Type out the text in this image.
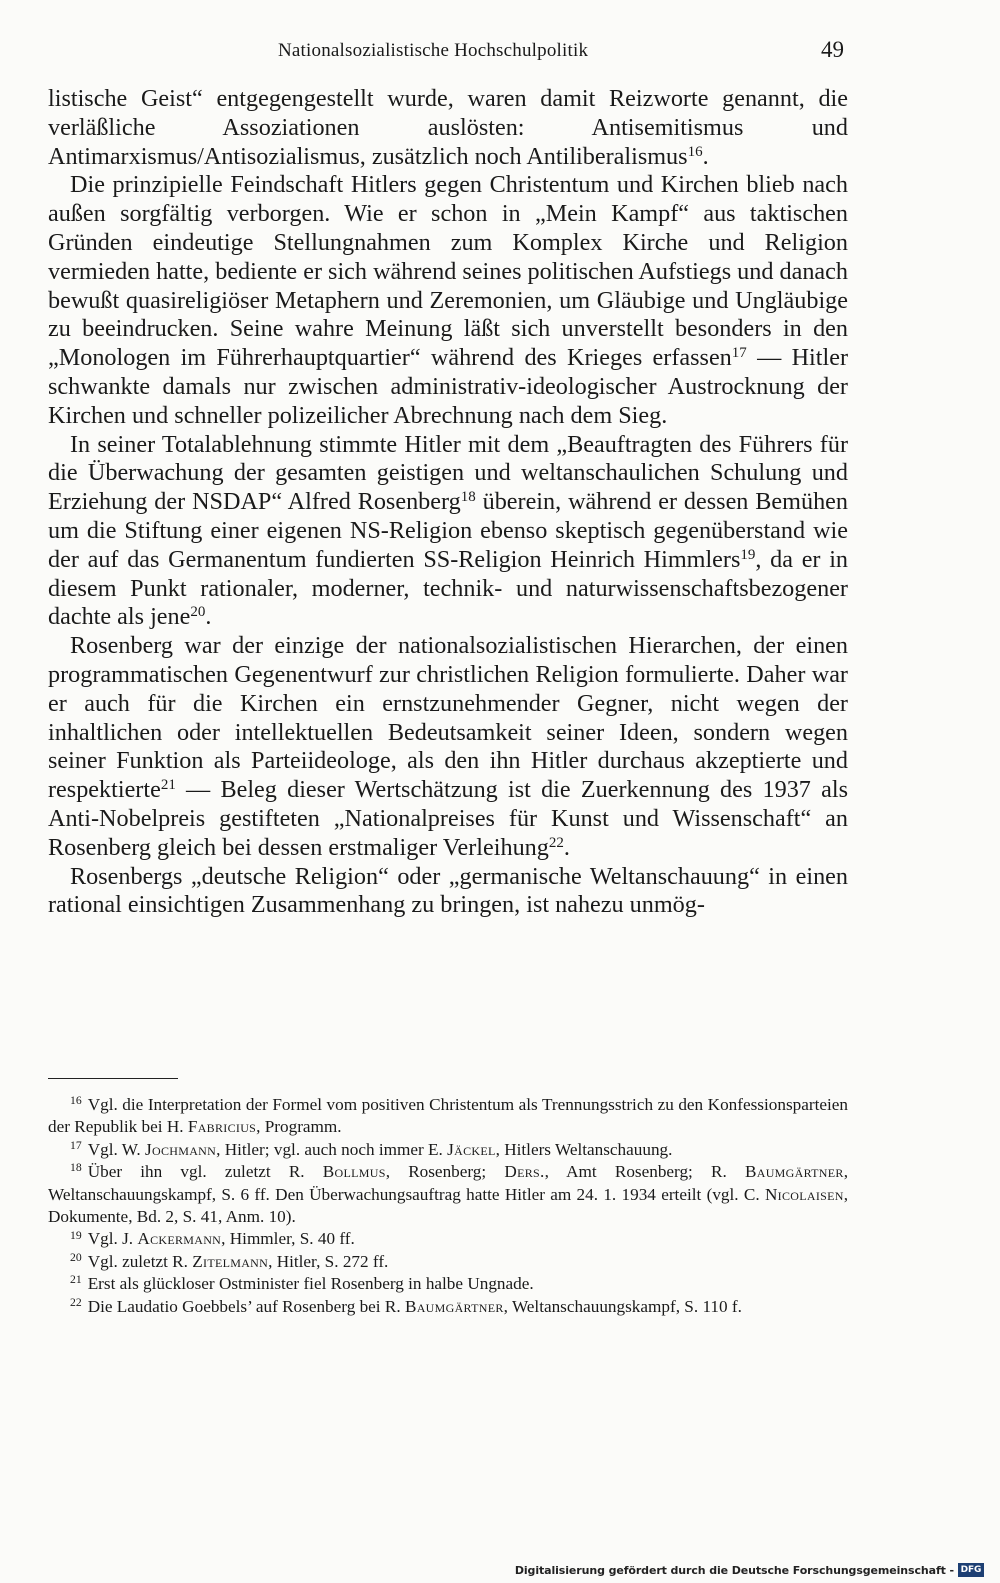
Nationalsozialistische Hochschulpolitik	49

listische Geist“ entgegengestellt wurde, waren damit Reizworte genannt, die verläßliche Assoziationen auslösten: Antisemitismus und Antimarxismus/Antisozialismus, zusätzlich noch Antiliberalismus$^{16}$.

Die prinzipielle Feindschaft Hitlers gegen Christentum und Kirchen blieb nach außen sorgfältig verborgen. Wie er schon in „Mein Kampf“ aus taktischen Gründen eindeutige Stellungnahmen zum Komplex Kirche und Religion vermieden hatte, bediente er sich während seines politischen Aufstiegs und danach bewußt quasireligiöser Metaphern und Zeremonien, um Gläubige und Ungläubige zu beeindrucken. Seine wahre Meinung läßt sich unverstellt besonders in den „Monologen im Führerhauptquartier“ während des Krieges erfassen$^{17}$ — Hitler schwankte damals nur zwischen administrativ-ideologischer Austrocknung der Kirchen und schneller polizeilicher Abrechnung nach dem Sieg.

In seiner Totalablehnung stimmte Hitler mit dem „Beauftragten des Führers für die Überwachung der gesamten geistigen und weltanschaulichen Schulung und Erziehung der NSDAP“ Alfred Rosenberg$^{18}$ überein, während er dessen Bemühen um die Stiftung einer eigenen NS-Religion ebenso skeptisch gegenüberstand wie der auf das Germanentum fundierten SS-Religion Heinrich Himmlers$^{19}$, da er in diesem Punkt rationaler, moderner, technik- und naturwissenschaftsbezogener dachte als jene$^{20}$.

Rosenberg war der einzige der nationalsozialistischen Hierarchen, der einen programmatischen Gegenentwurf zur christlichen Religion formulierte. Daher war er auch für die Kirchen ein ernstzunehmender Gegner, nicht wegen der inhaltlichen oder intellektuellen Bedeutsamkeit seiner Ideen, sondern wegen seiner Funktion als Parteiideologe, als den ihn Hitler durchaus akzeptierte und respektierte$^{21}$ — Beleg dieser Wertschätzung ist die Zuerkennung des 1937 als Anti-Nobelpreis gestifteten „Nationalpreises für Kunst und Wissenschaft“ an Rosenberg gleich bei dessen erstmaliger Verleihung$^{22}$.

Rosenbergs „deutsche Religion“ oder „germanische Weltanschauung“ in einen rational einsichtigen Zusammenhang zu bringen, ist nahezu unmög-

$^{16}$ Vgl. die Interpretation der Formel vom positiven Christentum als Trennungsstrich zu den Konfessionsparteien der Republik bei H. Fabricius, Programm.

$^{17}$ Vgl. W. Jochmann, Hitler; vgl. auch noch immer E. Jäckel, Hitlers Weltanschauung.

$^{18}$ Über ihn vgl. zuletzt R. Bollmus, Rosenberg; Ders., Amt Rosenberg; R. Baumgärtner, Weltanschauungskampf, S. 6 ff. Den Überwachungsauftrag hatte Hitler am 24. 1. 1934 erteilt (vgl. C. Nicolaisen, Dokumente, Bd. 2, S. 41, Anm. 10).

$^{19}$ Vgl. J. Ackermann, Himmler, S. 40 ff.

$^{20}$ Vgl. zuletzt R. Zitelmann, Hitler, S. 272 ff.

$^{21}$ Erst als glückloser Ostminister fiel Rosenberg in halbe Ungnade.

$^{22}$ Die Laudatio Goebbels’ auf Rosenberg bei R. Baumgärtner, Weltanschauungskampf, S. 110 f.

Digitalisierung gefördert durch die Deutsche Forschungsgemeinschaft - DFG
